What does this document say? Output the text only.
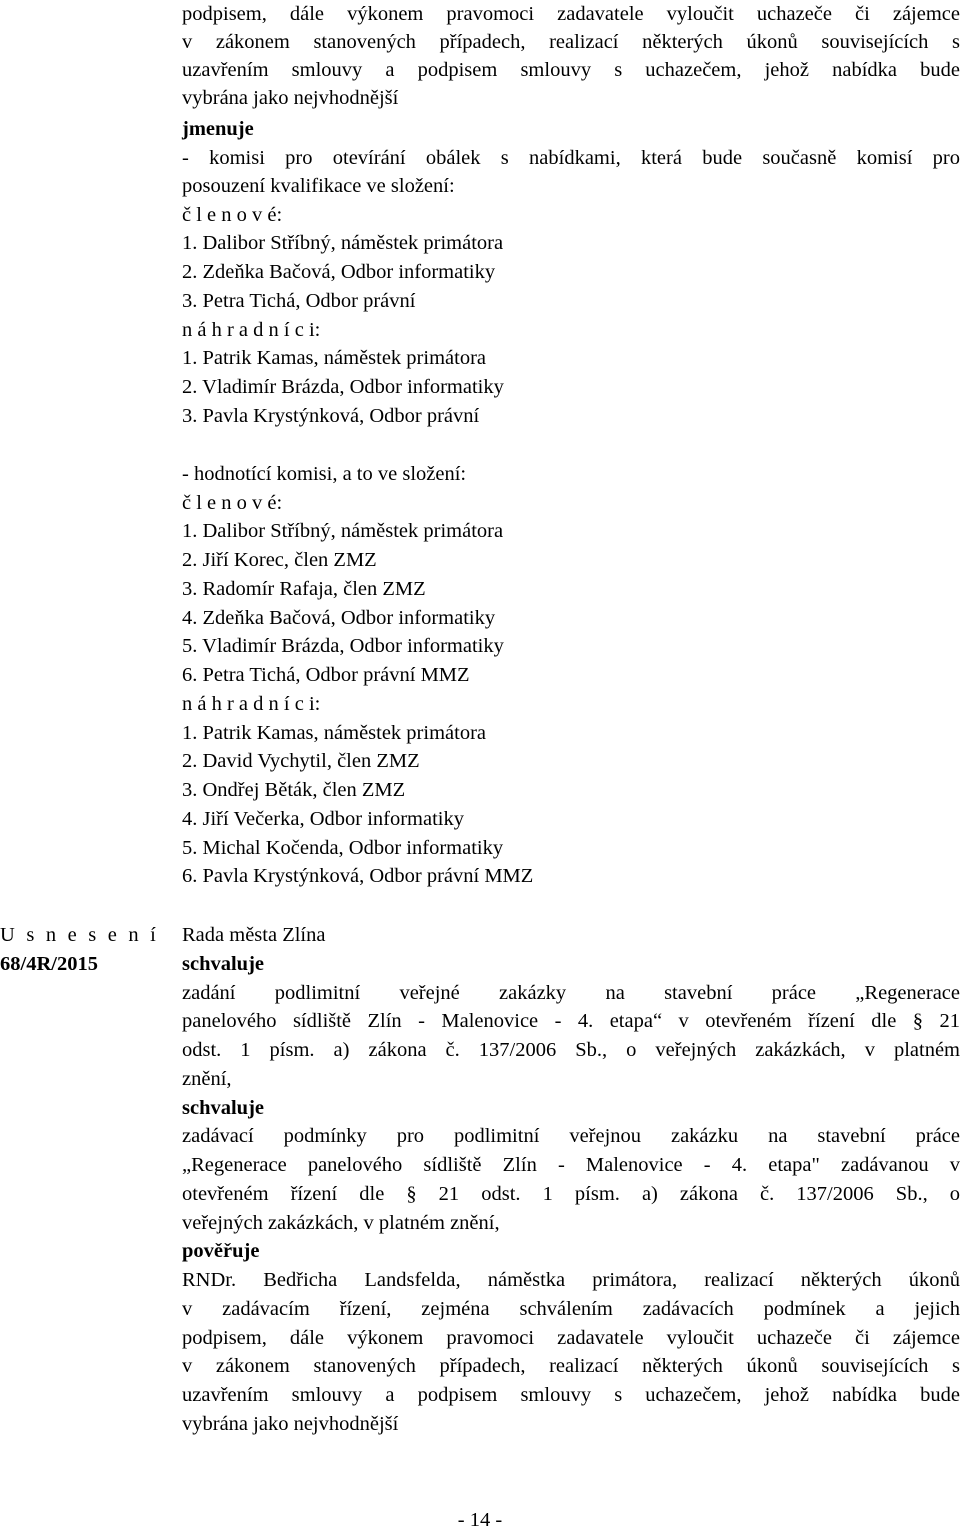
podpisem, dále výkonem pravomoci zadavatele vyloučit uchazeče či zájemce
v zákonem stanovených případech, realizací některých úkonů souvisejících s
uzavřením smlouvy a podpisem smlouvy s uchazečem, jehož nabídka bude
vybrána jako nejvhodnější
jmenuje
- komisi pro otevírání obálek s nabídkami, která bude současně komisí pro
posouzení kvalifikace ve složení:
č l e n o v é:
1. Dalibor Stříbný, náměstek primátora
2. Zdeňka Bačová, Odbor informatiky
3. Petra Tichá, Odbor právní
n á h r a d n í c i:
1. Patrik Kamas, náměstek primátora
2. Vladimír Brázda, Odbor informatiky
3. Pavla Krystýnková, Odbor právní
- hodnotící komisi, a to ve složení:
č l e n o v é:
1. Dalibor Stříbný, náměstek primátora
2. Jiří Korec, člen ZMZ
3. Radomír Rafaja, člen ZMZ
4. Zdeňka Bačová, Odbor informatiky
5. Vladimír Brázda, Odbor informatiky
6. Petra Tichá, Odbor právní MMZ
n á h r a d n í c i:
1. Patrik Kamas, náměstek primátora
2. David Vychytil, člen ZMZ
3. Ondřej Běták, člen ZMZ
4. Jiří Večerka, Odbor informatiky
5. Michal Kočenda, Odbor informatiky
6. Pavla Krystýnková, Odbor právní MMZ
U s n e s e n í
68/4R/2015
Rada města Zlína
schvaluje
zadání podlimitní veřejné zakázky na stavební práce „Regenerace
panelového sídliště Zlín - Malenovice - 4. etapa“ v otevřeném řízení dle § 21
odst. 1 písm. a) zákona č. 137/2006 Sb., o veřejných zakázkách, v platném
znění,
schvaluje
zadávací podmínky pro podlimitní veřejnou zakázku na stavební práce
„Regenerace panelového sídliště Zlín - Malenovice - 4. etapa" zadávanou v
otevřeném řízení dle § 21 odst. 1 písm. a) zákona č. 137/2006 Sb., o
veřejných zakázkách, v platném znění,
pověřuje
RNDr. Bedřicha Landsfelda, náměstka primátora, realizací některých úkonů
v zadávacím řízení, zejména schválením zadávacích podmínek a jejich
podpisem, dále výkonem pravomoci zadavatele vyloučit uchazeče či zájemce
v zákonem stanovených případech, realizací některých úkonů souvisejících s
uzavřením smlouvy a podpisem smlouvy s uchazečem, jehož nabídka bude
vybrána jako nejvhodnější
- 14 -
